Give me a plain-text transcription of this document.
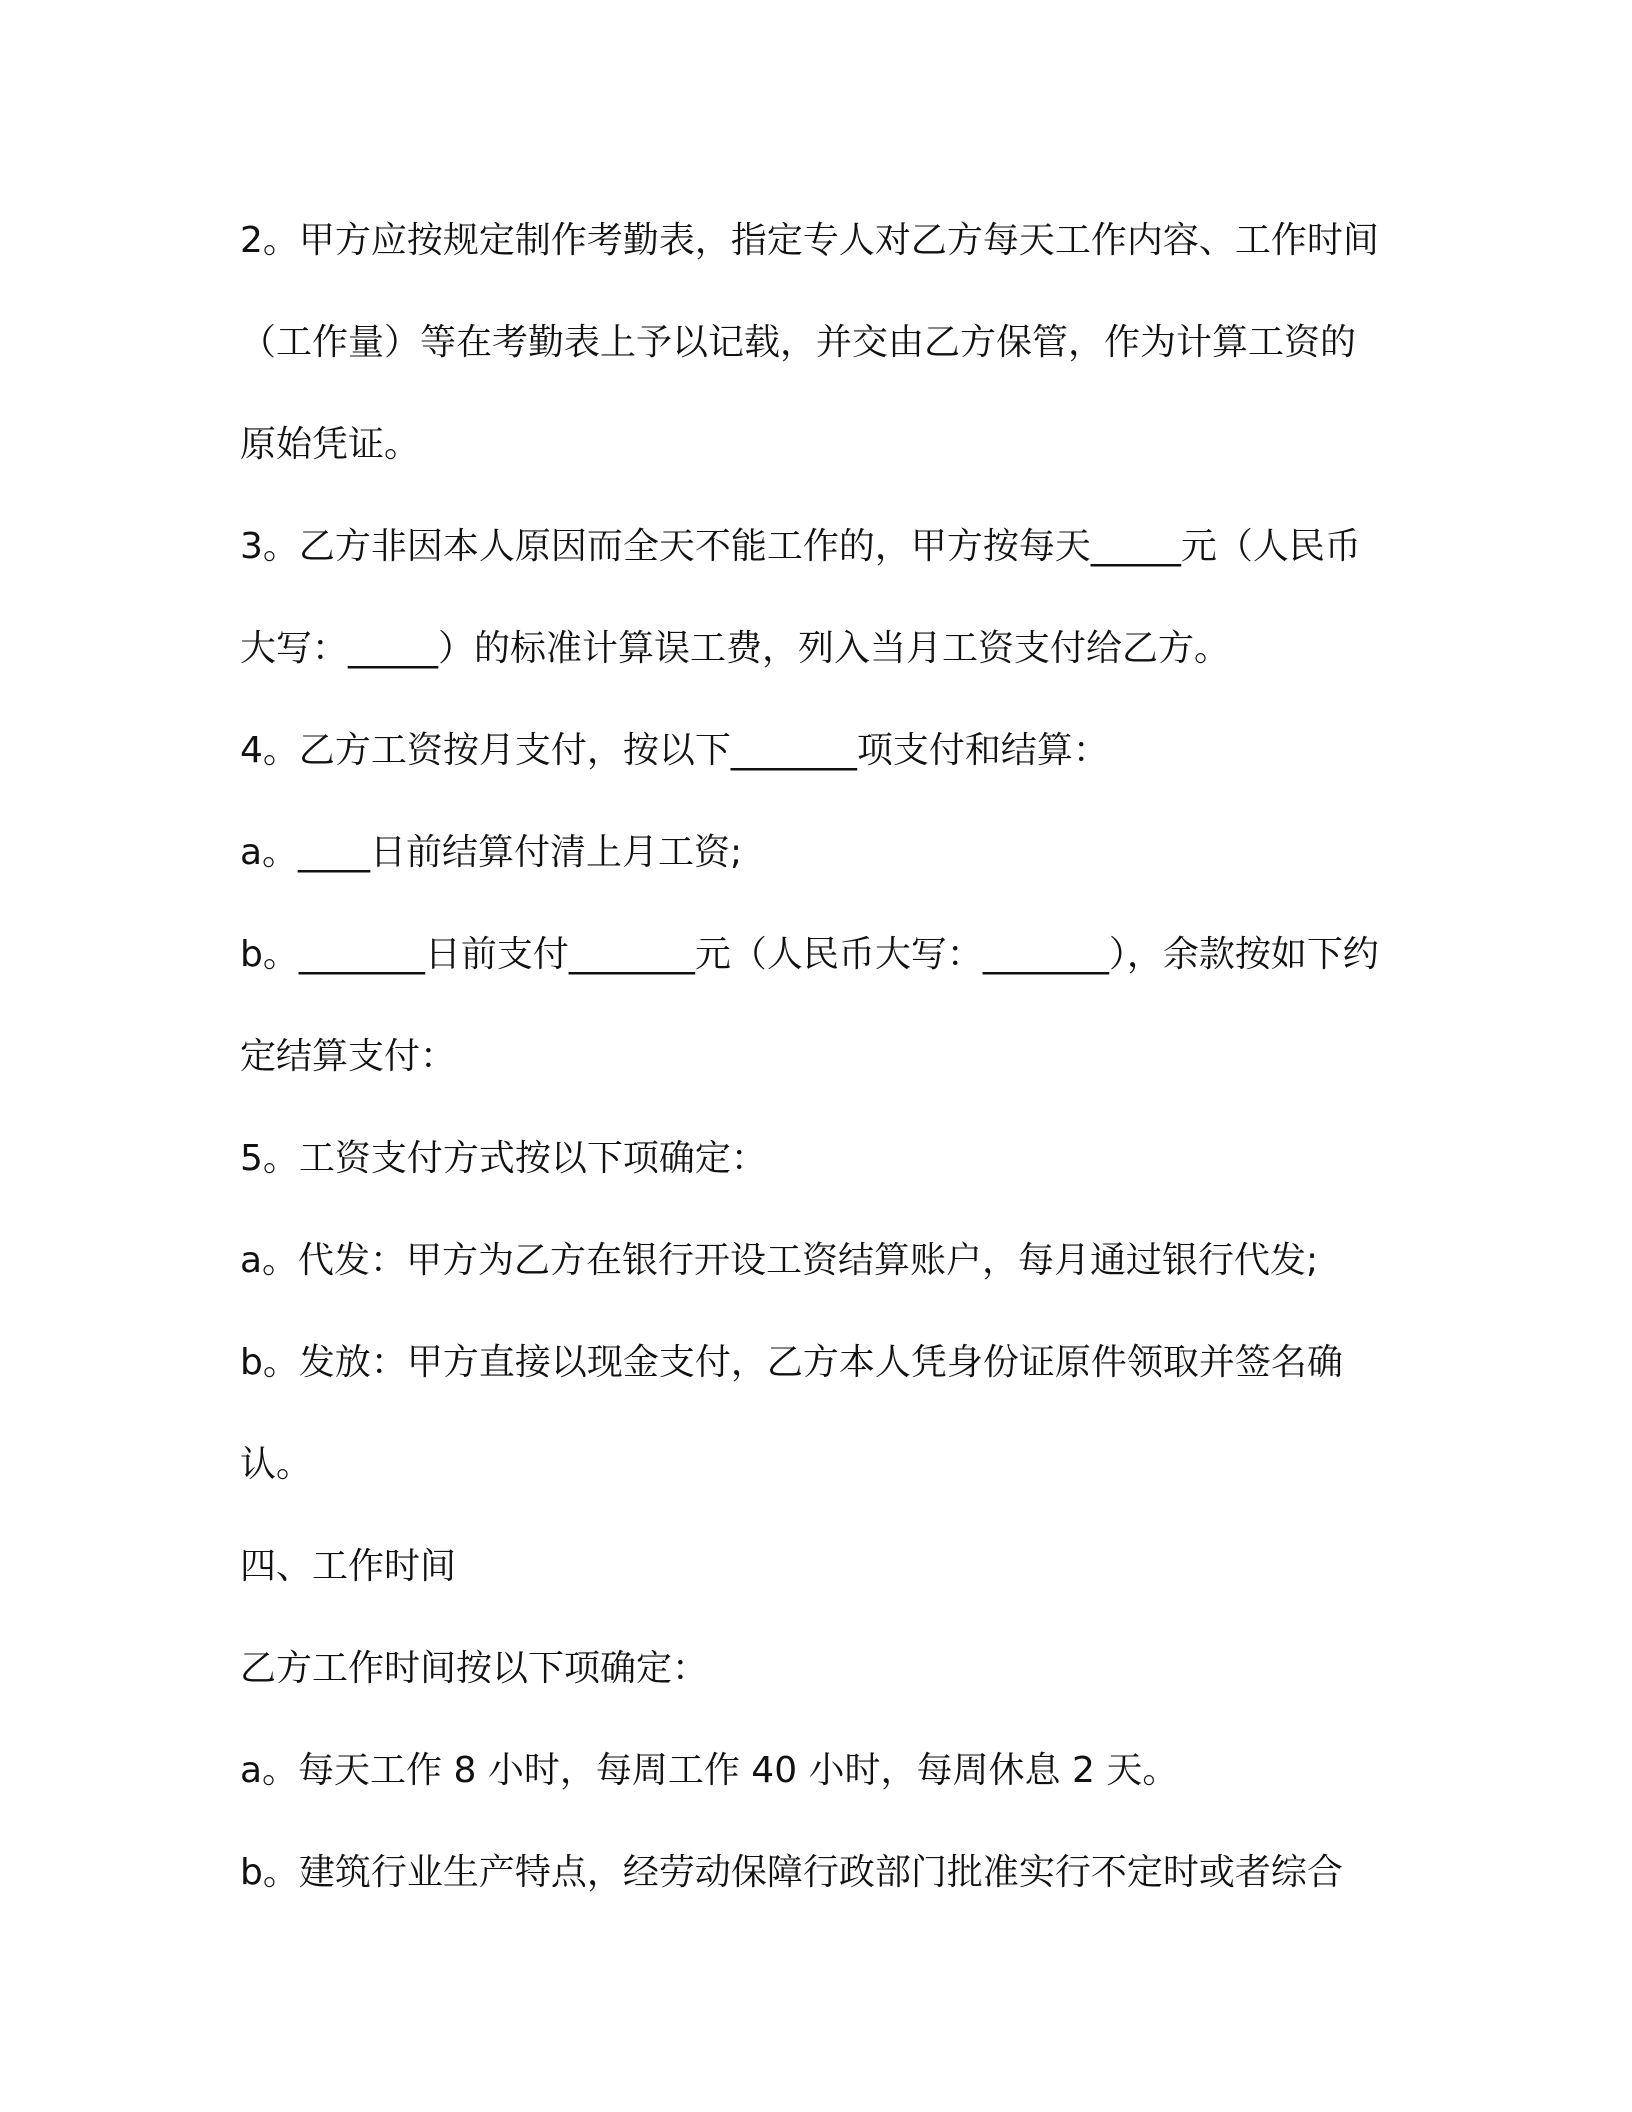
2。甲方应按规定制作考勤表，指定专人对乙方每天工作内容、工作时间（工作量）等在考勤表上予以记载，并交由乙方保管，作为计算工资的原始凭证。

3。乙方非因本人原因而全天不能工作的，甲方按每天_____元（人民币大写：_____）的标准计算误工费，列入当月工资支付给乙方。

4。乙方工资按月支付，按以下_______项支付和结算：

a。____日前结算付清上月工资;

b。_______日前支付_______元（人民币大写：_______），余款按如下约定结算支付：

5。工资支付方式按以下项确定：

a。代发：甲方为乙方在银行开设工资结算账户，每月通过银行代发;

b。发放：甲方直接以现金支付，乙方本人凭身份证原件领取并签名确认。

四、工作时间

乙方工作时间按以下项确定：

a。每天工作 8 小时，每周工作 40 小时，每周休息 2 天。

b。建筑行业生产特点，经劳动保障行政部门批准实行不定时或者综合
